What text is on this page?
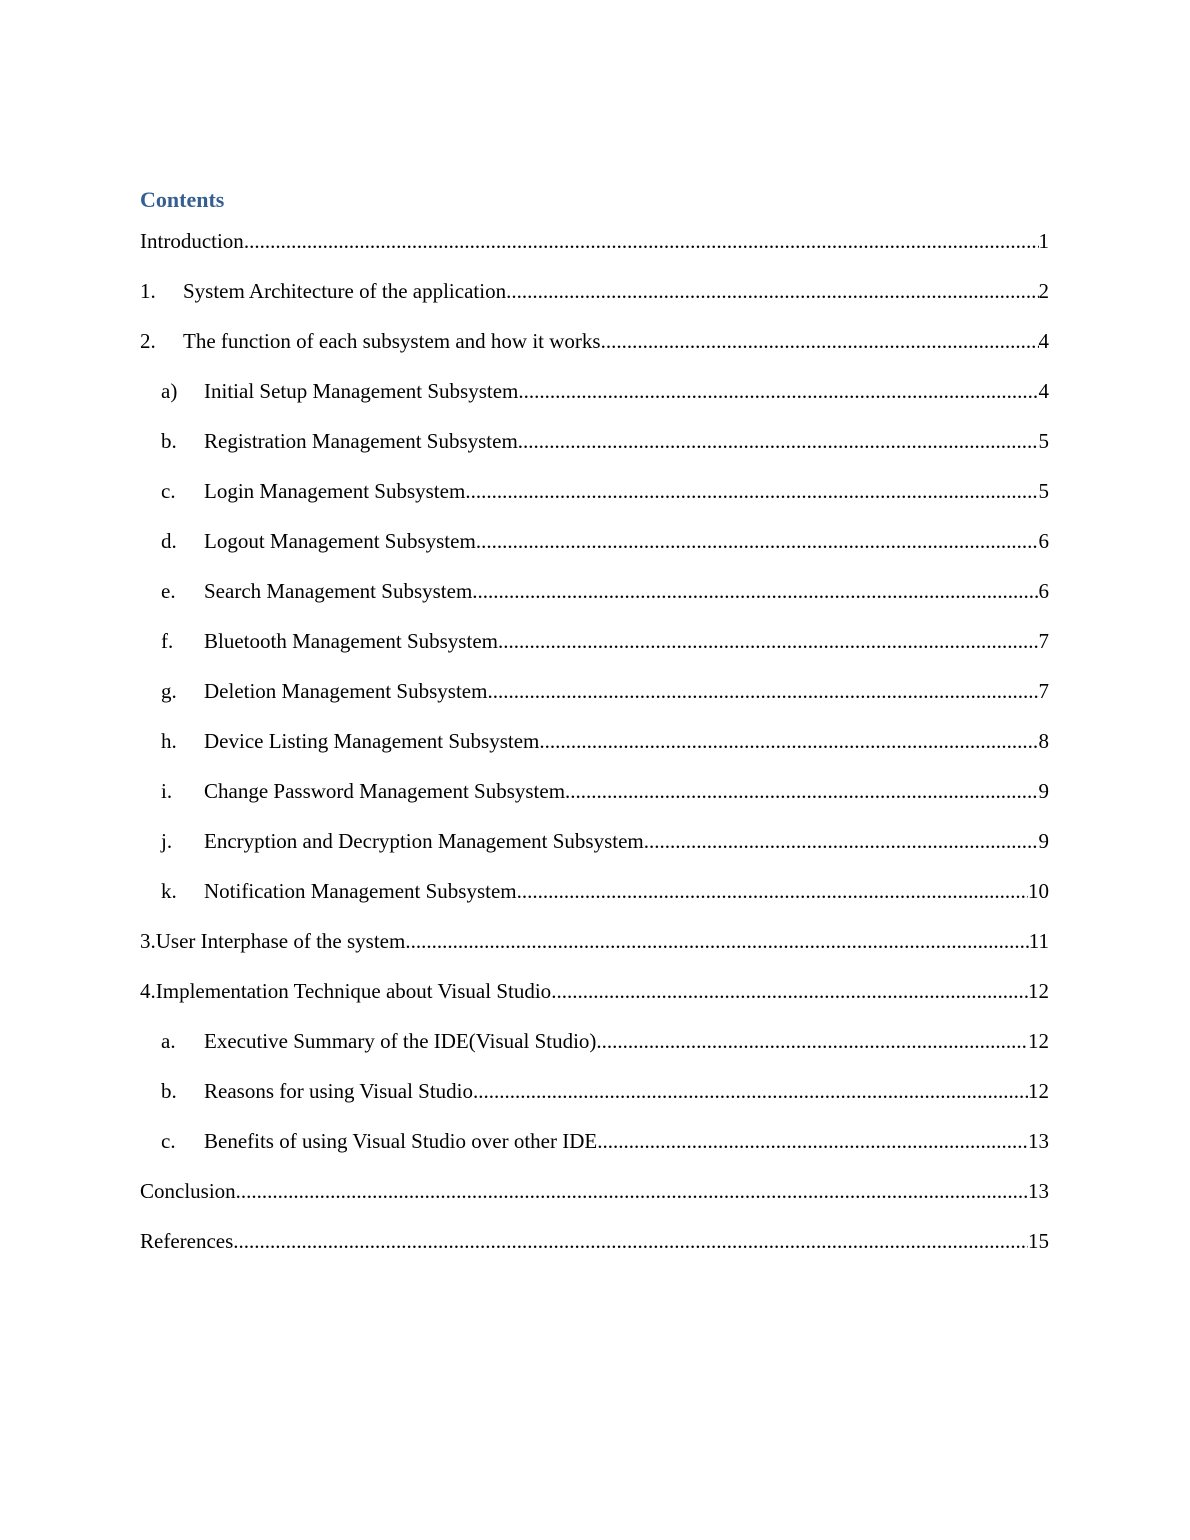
Contents
Introduction .....	1
1.	System Architecture of the application .....	2
2.	The function of each subsystem and how it works .....	4
a)	Initial Setup Management Subsystem .....	4
b.	Registration Management Subsystem .....	5
c.	Login Management Subsystem .....	5
d.	Logout Management Subsystem .....	6
e.	Search Management Subsystem .....	6
f.	Bluetooth Management Subsystem .....	7
g.	Deletion Management Subsystem .....	7
h.	Device Listing Management Subsystem .....	8
i.	Change Password Management Subsystem .....	9
j.	Encryption and Decryption Management Subsystem .....	9
k.	Notification Management Subsystem .....	10
3. User Interphase of the system .....	11
4. Implementation Technique about Visual Studio .....	12
a.	Executive Summary of the IDE(Visual Studio) .....	12
b.	Reasons for using Visual Studio .....	12
c.	Benefits of using Visual Studio over other IDE .....	13
Conclusion .....	13
References .....	15
